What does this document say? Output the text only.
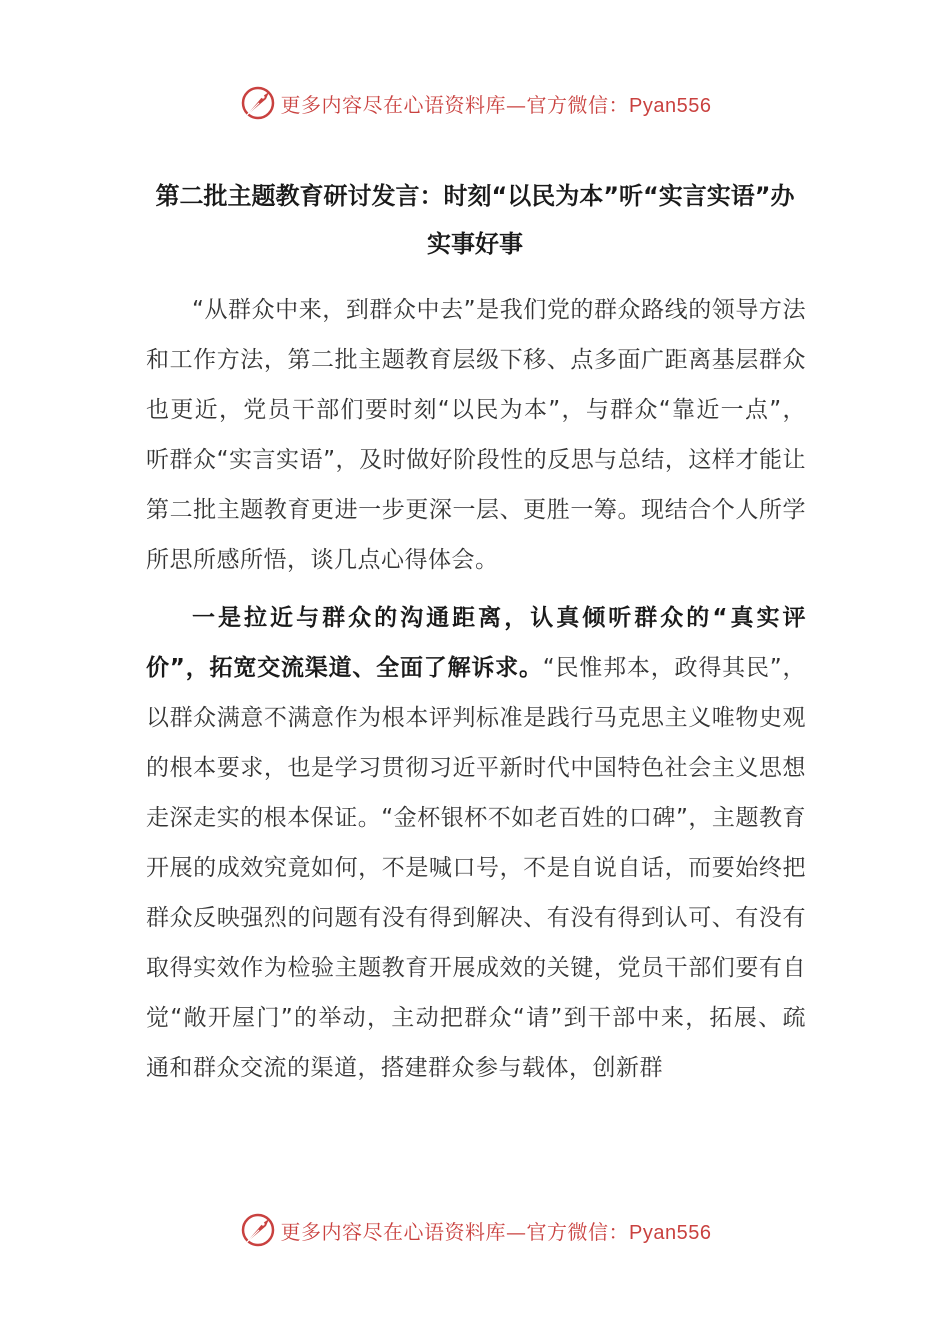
更多内容尽在心语资料库—官方微信：Pyan556
第二批主题教育研讨发言：时刻“以民为本”听“实言实语”办实事好事

“从群众中来，到群众中去”是我们党的群众路线的领导方法和工作方法，第二批主题教育层级下移、点多面广距离基层群众也更近，党员干部们要时刻“以民为本”，与群众“靠近一点”，听群众“实言实语”，及时做好阶段性的反思与总结，这样才能让第二批主题教育更进一步更深一层、更胜一筹。现结合个人所学所思所感所悟，谈几点心得体会。

一是拉近与群众的沟通距离，认真倾听群众的“真实评价”，拓宽交流渠道、全面了解诉求。“民惟邦本，政得其民”，以群众满意不满意作为根本评判标准是践行马克思主义唯物史观的根本要求，也是学习贯彻习近平新时代中国特色社会主义思想走深走实的根本保证。“金杯银杯不如老百姓的口碑”，主题教育开展的成效究竟如何，不是喊口号，不是自说自话，而要始终把群众反映强烈的问题有没有得到解决、有没有得到认可、有没有取得实效作为检验主题教育开展成效的关键，党员干部们要有自觉“敞开屋门”的举动，主动把群众“请”到干部中来，拓展、疏通和群众交流的渠道，搭建群众参与载体，创新群

更多内容尽在心语资料库—官方微信：Pyan556
